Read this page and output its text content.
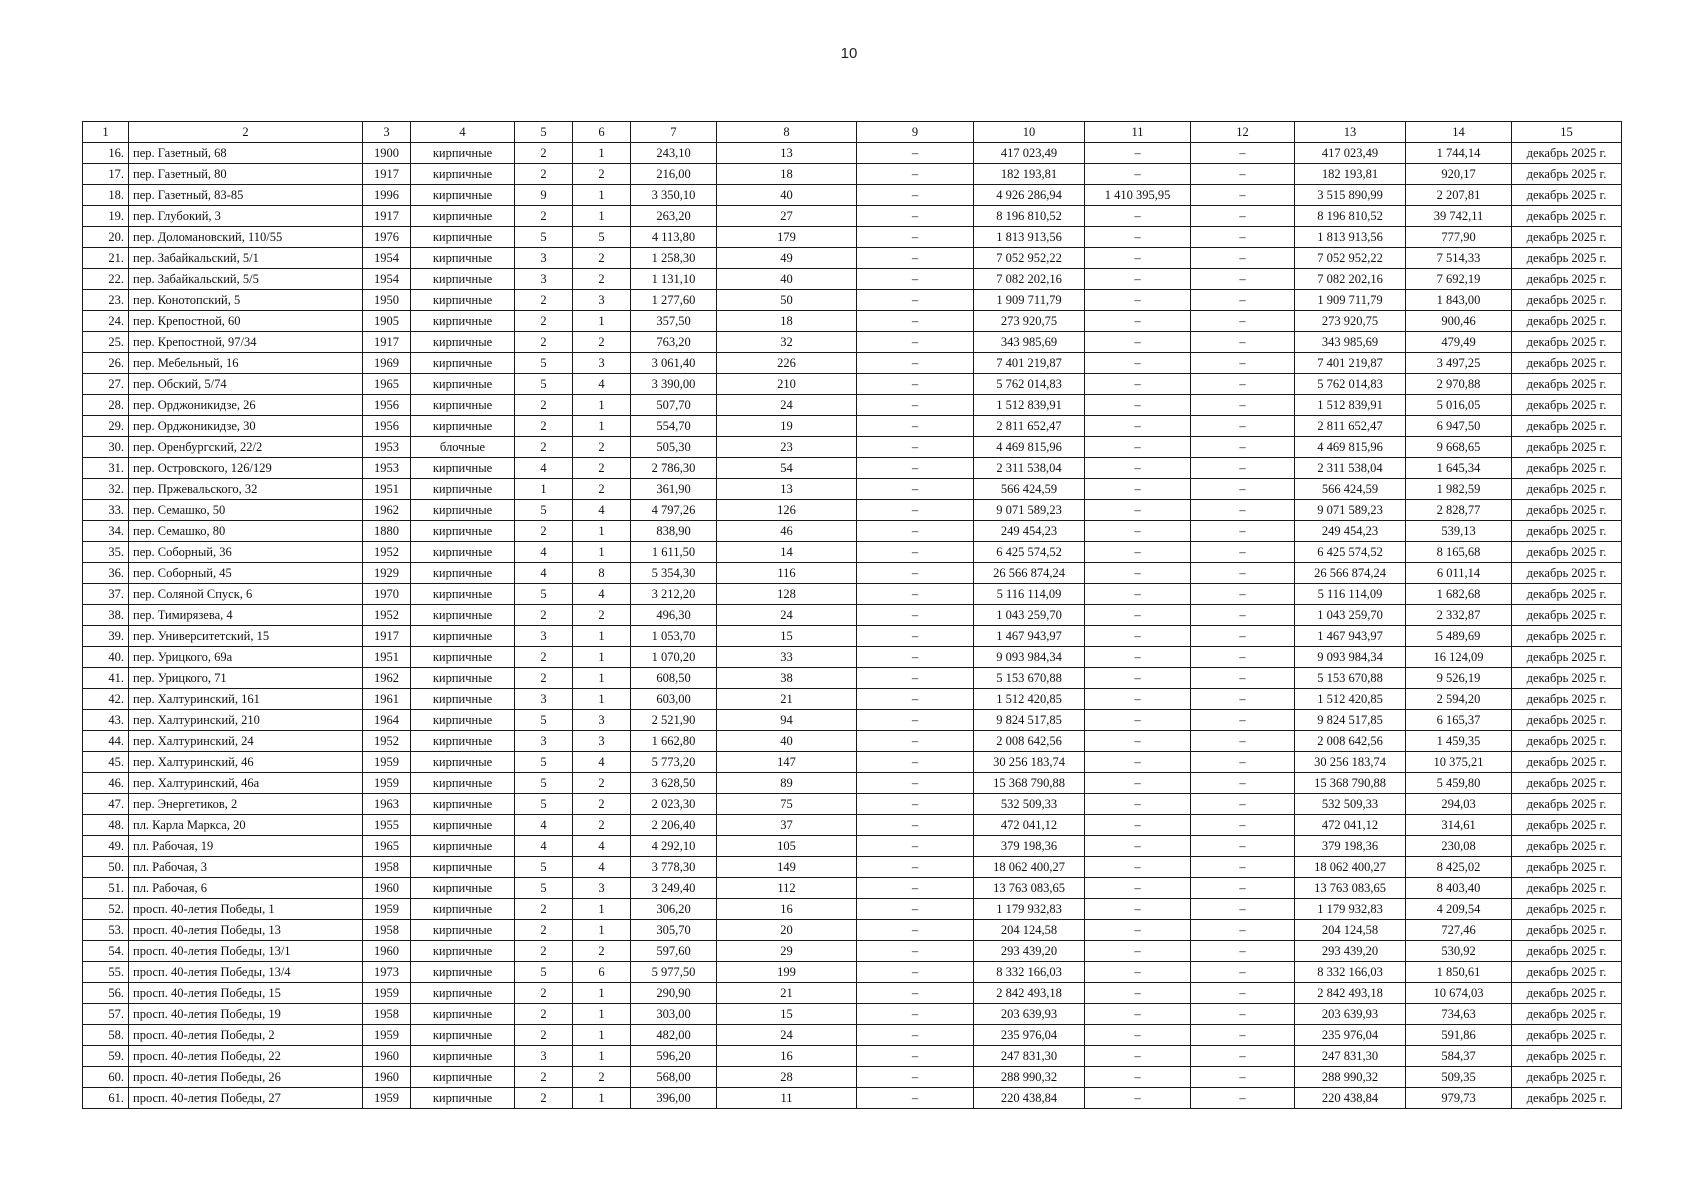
10
1	2	3	4	5	6	7	8	9	10	11	12	13	14	15
16.	пер. Газетный, 68	1900	кирпичные	2	1	243,10	13	–	417 023,49	–	–	417 023,49	1 744,14	декабрь 2025 г.
17.	пер. Газетный, 80	1917	кирпичные	2	2	216,00	18	–	182 193,81	–	–	182 193,81	920,17	декабрь 2025 г.
18.	пер. Газетный, 83-85	1996	кирпичные	9	1	3 350,10	40	–	4 926 286,94	1 410 395,95	–	3 515 890,99	2 207,81	декабрь 2025 г.
19.	пер. Глубокий, 3	1917	кирпичные	2	1	263,20	27	–	8 196 810,52	–	–	8 196 810,52	39 742,11	декабрь 2025 г.
20.	пер. Доломановский, 110/55	1976	кирпичные	5	5	4 113,80	179	–	1 813 913,56	–	–	1 813 913,56	777,90	декабрь 2025 г.
21.	пер. Забайкальский, 5/1	1954	кирпичные	3	2	1 258,30	49	–	7 052 952,22	–	–	7 052 952,22	7 514,33	декабрь 2025 г.
22.	пер. Забайкальский, 5/5	1954	кирпичные	3	2	1 131,10	40	–	7 082 202,16	–	–	7 082 202,16	7 692,19	декабрь 2025 г.
23.	пер. Конотопский, 5	1950	кирпичные	2	3	1 277,60	50	–	1 909 711,79	–	–	1 909 711,79	1 843,00	декабрь 2025 г.
24.	пер. Крепостной, 60	1905	кирпичные	2	1	357,50	18	–	273 920,75	–	–	273 920,75	900,46	декабрь 2025 г.
25.	пер. Крепостной, 97/34	1917	кирпичные	2	2	763,20	32	–	343 985,69	–	–	343 985,69	479,49	декабрь 2025 г.
26.	пер. Мебельный, 16	1969	кирпичные	5	3	3 061,40	226	–	7 401 219,87	–	–	7 401 219,87	3 497,25	декабрь 2025 г.
27.	пер. Обский, 5/74	1965	кирпичные	5	4	3 390,00	210	–	5 762 014,83	–	–	5 762 014,83	2 970,88	декабрь 2025 г.
28.	пер. Орджоникидзе, 26	1956	кирпичные	2	1	507,70	24	–	1 512 839,91	–	–	1 512 839,91	5 016,05	декабрь 2025 г.
29.	пер. Орджоникидзе, 30	1956	кирпичные	2	1	554,70	19	–	2 811 652,47	–	–	2 811 652,47	6 947,50	декабрь 2025 г.
30.	пер. Оренбургский, 22/2	1953	блочные	2	2	505,30	23	–	4 469 815,96	–	–	4 469 815,96	9 668,65	декабрь 2025 г.
31.	пер. Островского, 126/129	1953	кирпичные	4	2	2 786,30	54	–	2 311 538,04	–	–	2 311 538,04	1 645,34	декабрь 2025 г.
32.	пер. Пржевальского, 32	1951	кирпичные	1	2	361,90	13	–	566 424,59	–	–	566 424,59	1 982,59	декабрь 2025 г.
33.	пер. Семашко, 50	1962	кирпичные	5	4	4 797,26	126	–	9 071 589,23	–	–	9 071 589,23	2 828,77	декабрь 2025 г.
34.	пер. Семашко, 80	1880	кирпичные	2	1	838,90	46	–	249 454,23	–	–	249 454,23	539,13	декабрь 2025 г.
35.	пер. Соборный, 36	1952	кирпичные	4	1	1 611,50	14	–	6 425 574,52	–	–	6 425 574,52	8 165,68	декабрь 2025 г.
36.	пер. Соборный, 45	1929	кирпичные	4	8	5 354,30	116	–	26 566 874,24	–	–	26 566 874,24	6 011,14	декабрь 2025 г.
37.	пер. Соляной Спуск, 6	1970	кирпичные	5	4	3 212,20	128	–	5 116 114,09	–	–	5 116 114,09	1 682,68	декабрь 2025 г.
38.	пер. Тимирязева, 4	1952	кирпичные	2	2	496,30	24	–	1 043 259,70	–	–	1 043 259,70	2 332,87	декабрь 2025 г.
39.	пер. Университетский, 15	1917	кирпичные	3	1	1 053,70	15	–	1 467 943,97	–	–	1 467 943,97	5 489,69	декабрь 2025 г.
40.	пер. Урицкого, 69а	1951	кирпичные	2	1	1 070,20	33	–	9 093 984,34	–	–	9 093 984,34	16 124,09	декабрь 2025 г.
41.	пер. Урицкого, 71	1962	кирпичные	2	1	608,50	38	–	5 153 670,88	–	–	5 153 670,88	9 526,19	декабрь 2025 г.
42.	пер. Халтуринский, 161	1961	кирпичные	3	1	603,00	21	–	1 512 420,85	–	–	1 512 420,85	2 594,20	декабрь 2025 г.
43.	пер. Халтуринский, 210	1964	кирпичные	5	3	2 521,90	94	–	9 824 517,85	–	–	9 824 517,85	6 165,37	декабрь 2025 г.
44.	пер. Халтуринский, 24	1952	кирпичные	3	3	1 662,80	40	–	2 008 642,56	–	–	2 008 642,56	1 459,35	декабрь 2025 г.
45.	пер. Халтуринский, 46	1959	кирпичные	5	4	5 773,20	147	–	30 256 183,74	–	–	30 256 183,74	10 375,21	декабрь 2025 г.
46.	пер. Халтуринский, 46а	1959	кирпичные	5	2	3 628,50	89	–	15 368 790,88	–	–	15 368 790,88	5 459,80	декабрь 2025 г.
47.	пер. Энергетиков, 2	1963	кирпичные	5	2	2 023,30	75	–	532 509,33	–	–	532 509,33	294,03	декабрь 2025 г.
48.	пл. Карла Маркса, 20	1955	кирпичные	4	2	2 206,40	37	–	472 041,12	–	–	472 041,12	314,61	декабрь 2025 г.
49.	пл. Рабочая, 19	1965	кирпичные	4	4	4 292,10	105	–	379 198,36	–	–	379 198,36	230,08	декабрь 2025 г.
50.	пл. Рабочая, 3	1958	кирпичные	5	4	3 778,30	149	–	18 062 400,27	–	–	18 062 400,27	8 425,02	декабрь 2025 г.
51.	пл. Рабочая, 6	1960	кирпичные	5	3	3 249,40	112	–	13 763 083,65	–	–	13 763 083,65	8 403,40	декабрь 2025 г.
52.	просп. 40-летия Победы, 1	1959	кирпичные	2	1	306,20	16	–	1 179 932,83	–	–	1 179 932,83	4 209,54	декабрь 2025 г.
53.	просп. 40-летия Победы, 13	1958	кирпичные	2	1	305,70	20	–	204 124,58	–	–	204 124,58	727,46	декабрь 2025 г.
54.	просп. 40-летия Победы, 13/1	1960	кирпичные	2	2	597,60	29	–	293 439,20	–	–	293 439,20	530,92	декабрь 2025 г.
55.	просп. 40-летия Победы, 13/4	1973	кирпичные	5	6	5 977,50	199	–	8 332 166,03	–	–	8 332 166,03	1 850,61	декабрь 2025 г.
56.	просп. 40-летия Победы, 15	1959	кирпичные	2	1	290,90	21	–	2 842 493,18	–	–	2 842 493,18	10 674,03	декабрь 2025 г.
57.	просп. 40-летия Победы, 19	1958	кирпичные	2	1	303,00	15	–	203 639,93	–	–	203 639,93	734,63	декабрь 2025 г.
58.	просп. 40-летия Победы, 2	1959	кирпичные	2	1	482,00	24	–	235 976,04	–	–	235 976,04	591,86	декабрь 2025 г.
59.	просп. 40-летия Победы, 22	1960	кирпичные	3	1	596,20	16	–	247 831,30	–	–	247 831,30	584,37	декабрь 2025 г.
60.	просп. 40-летия Победы, 26	1960	кирпичные	2	2	568,00	28	–	288 990,32	–	–	288 990,32	509,35	декабрь 2025 г.
61.	просп. 40-летия Победы, 27	1959	кирпичные	2	1	396,00	11	–	220 438,84	–	–	220 438,84	979,73	декабрь 2025 г.
